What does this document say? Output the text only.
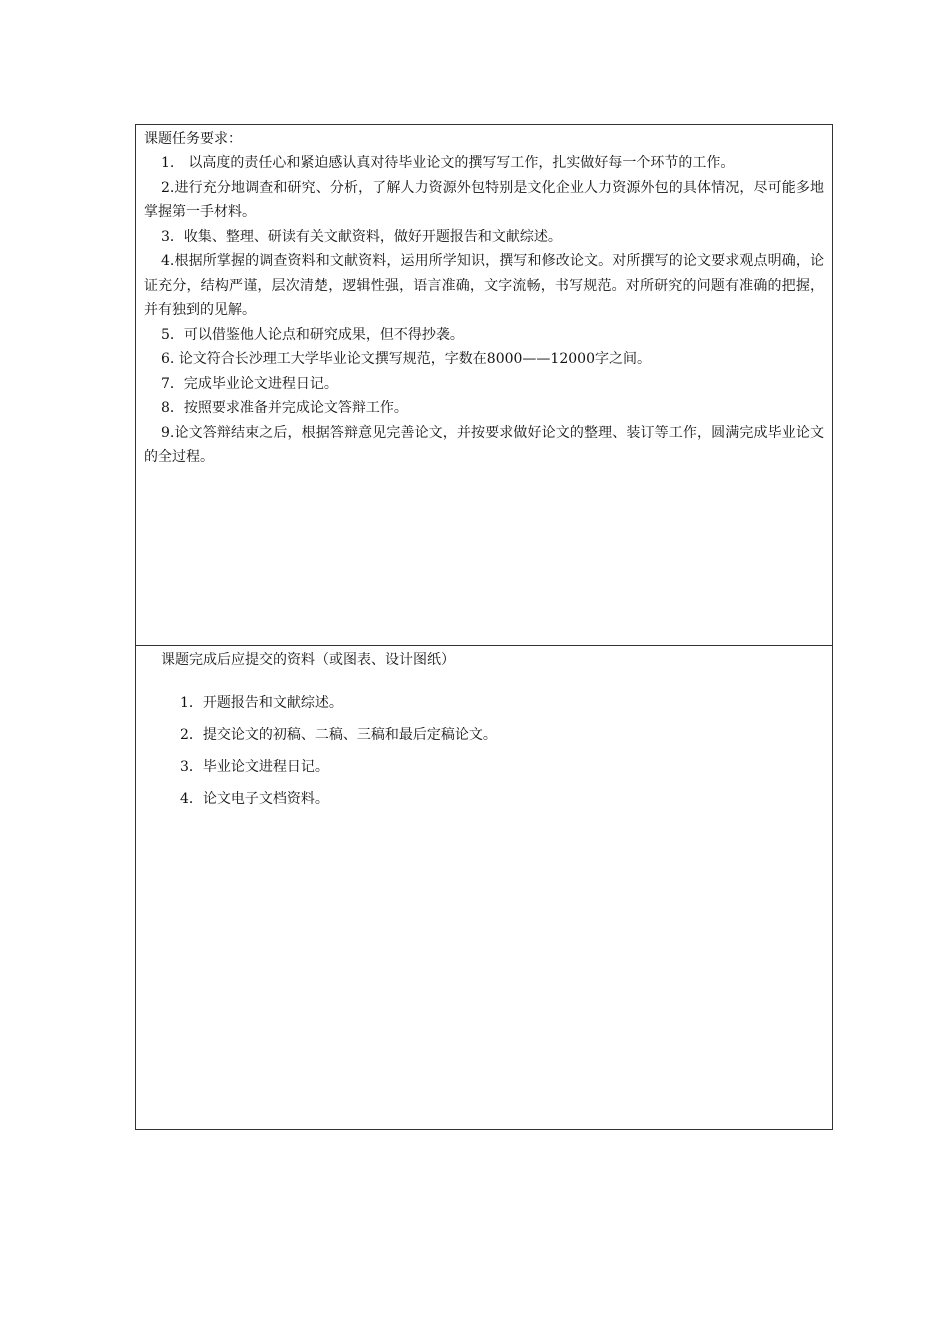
课题任务要求：

1.　以高度的责任心和紧迫感认真对待毕业论文的撰写写工作，扎实做好每一个环节的工作。

2.进行充分地调查和研究、分析，了解人力资源外包特别是文化企业人力资源外包的具体情况，尽可能多地掌握第一手材料。

3．收集、整理、研读有关文献资料，做好开题报告和文献综述。

4.根据所掌握的调查资料和文献资料，运用所学知识，撰写和修改论文。对所撰写的论文要求观点明确，论证充分，结构严谨，层次清楚，逻辑性强，语言准确，文字流畅，书写规范。对所研究的问题有准确的把握，并有独到的见解。

5．可以借鉴他人论点和研究成果，但不得抄袭。

6. 论文符合长沙理工大学毕业论文撰写规范，字数在8000——12000字之间。

7．完成毕业论文进程日记。

8．按照要求准备并完成论文答辩工作。

9.论文答辩结束之后，根据答辩意见完善论文，并按要求做好论文的整理、装订等工作，圆满完成毕业论文的全过程。

课题完成后应提交的资料（或图表、设计图纸）

1．开题报告和文献综述。

2．提交论文的初稿、二稿、三稿和最后定稿论文。

3．毕业论文进程日记。

4．论文电子文档资料。
